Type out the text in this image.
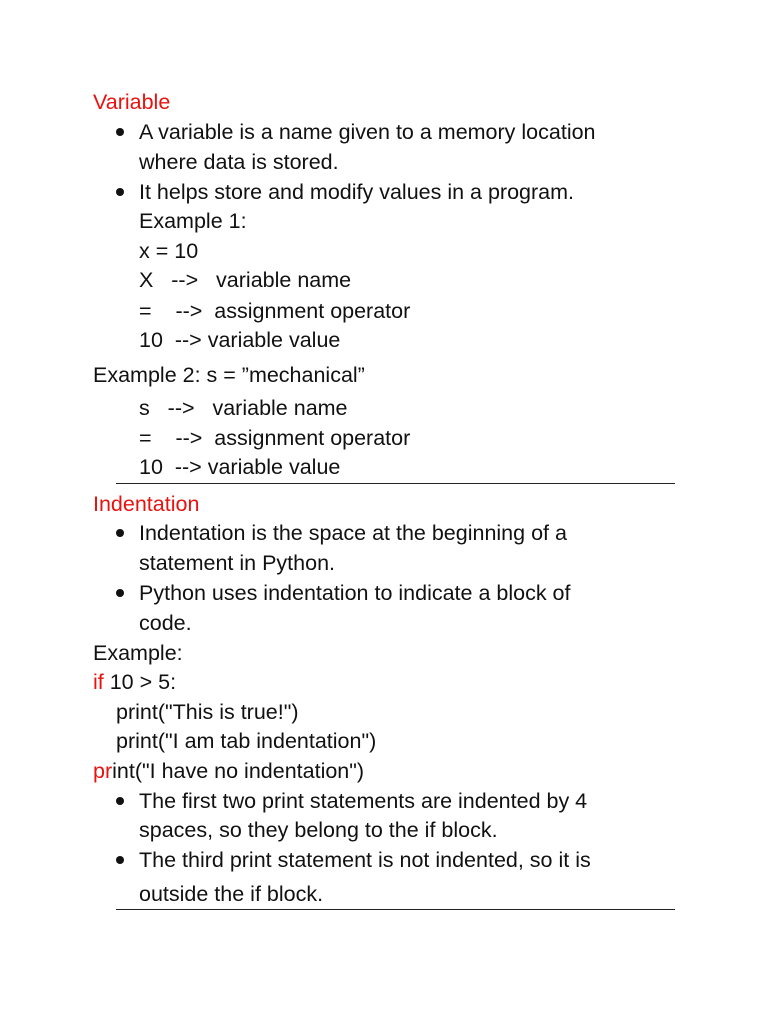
Variable
A variable is a name given to a memory location
where data is stored.
It helps store and modify values in a program.
Example 1:
x = 10
X   -->   variable name
=    -->  assignment operator
10  --> variable value
Example 2: s = ”mechanical”
s   -->   variable name
=    -->  assignment operator
10  --> variable value
Indentation
Indentation is the space at the beginning of a
statement in Python.
Python uses indentation to indicate a block of
code.
Example:
if 10 > 5:
print("This is true!")
print("I am tab indentation")
print("I have no indentation")
The first two print statements are indented by 4
spaces, so they belong to the if block.
The third print statement is not indented, so it is
outside the if block.
